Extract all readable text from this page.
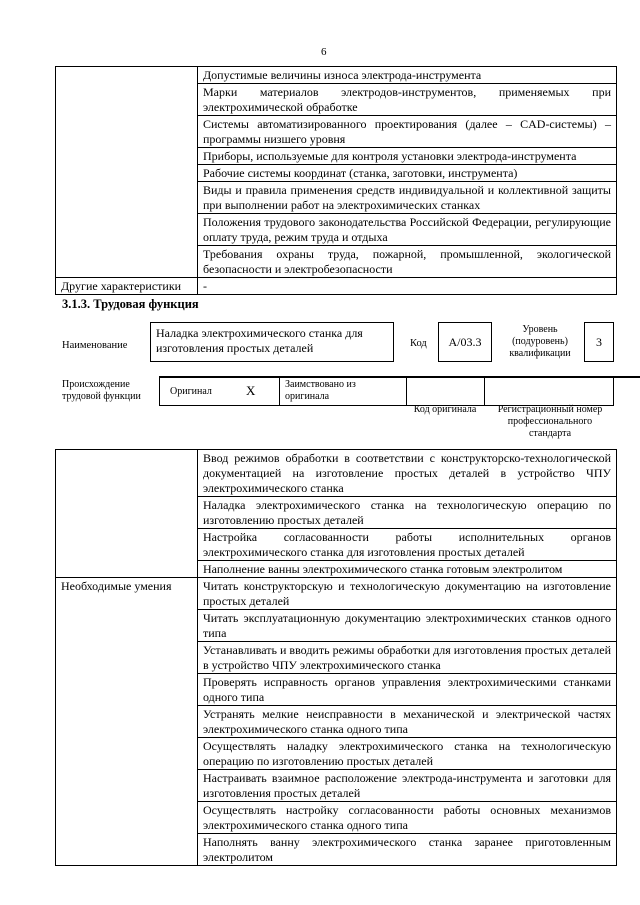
6
	Допустимые величины износа электрода-инструмента
	Марки материалов электродов-инструментов, применяемых при электрохимической обработке
	Системы автоматизированного проектирования (далее – CAD-системы) – программы низшего уровня
	Приборы, используемые для контроля установки электрода-инструмента
	Рабочие системы координат (станка, заготовки, инструмента)
	Виды и правила применения средств индивидуальной и коллективной защиты при выполнении работ на электрохимических станках
	Положения трудового законодательства Российской Федерации, регулирующие оплату труда, режим труда и отдыха
	Требования охраны труда, пожарной, промышленной, экологической безопасности и электробезопасности
Другие характеристики	-
3.1.3. Трудовая функция
Наименование
Наладка электрохимического станка для изготовления простых деталей	Код	A/03.3
Уровень (подуровень) квалификации
3
Происхождение трудовой функции	Оригинал	X	Заимствовано из оригинала
Код оригинала	Регистрационный номер профессионального стандарта
	Ввод режимов обработки в соответствии с конструкторско-технологической документацией на изготовление простых деталей в устройство ЧПУ электрохимического станка
	Наладка электрохимического станка на технологическую операцию по изготовлению простых деталей
	Настройка согласованности работы исполнительных органов электрохимического станка для изготовления простых деталей
	Наполнение ванны электрохимического станка готовым электролитом
Необходимые умения	Читать конструкторскую и технологическую документацию на изготовление простых деталей
	Читать эксплуатационную документацию электрохимических станков одного типа
	Устанавливать и вводить режимы обработки для изготовления простых деталей в устройство ЧПУ электрохимического станка
	Проверять исправность органов управления электрохимическими станками одного типа
	Устранять мелкие неисправности в механической и электрической частях электрохимического станка одного типа
	Осуществлять наладку электрохимического станка на технологическую операцию по изготовлению простых деталей
	Настраивать взаимное расположение электрода-инструмента и заготовки для изготовления простых деталей
	Осуществлять настройку согласованности работы основных механизмов электрохимического станка одного типа
	Наполнять ванну электрохимического станка заранее приготовленным электролитом
